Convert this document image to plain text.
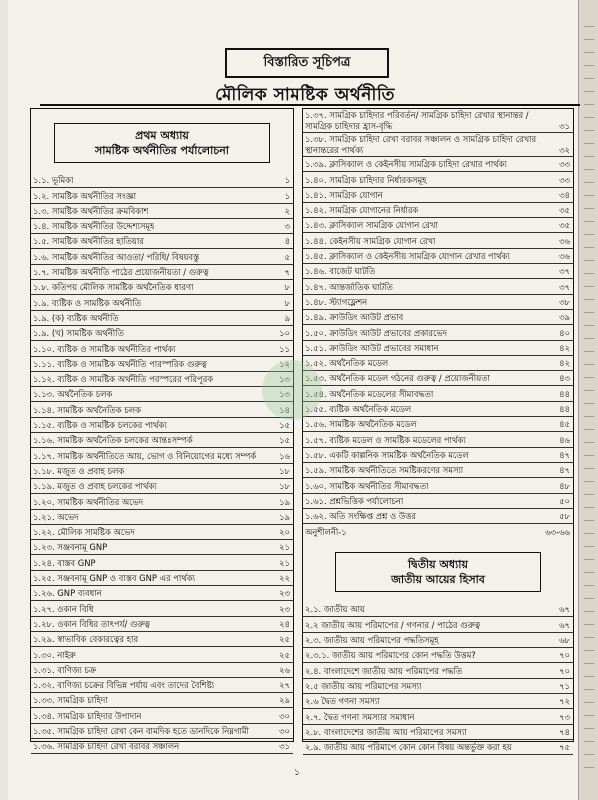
বিস্তারিত সূচিপত্র
মৌলিক সামষ্টিক অর্থনীতি
প্রথম অধ্যায়
সামষ্টিক অর্থনীতির পর্যালোচনা
১.১. ভূমিকা	১
১.২. সামষ্টিক অর্থনীতির সংজ্ঞা	১
১.৩. সামষ্টিক অর্থনীতির ক্রমবিকাশ	২
১.৪. সামষ্টিক অর্থনীতির উদ্দেশ্যসমূহ	৩
১.৫. সামষ্টিক অর্থনীতির হাতিয়ার	৪
১.৬. সামষ্টিক অর্থনীতির আওতা/ পরিধি/ বিষয়বস্তু	৫
১.৭. সামষ্টিক অর্থনীতি পাঠের প্রয়োজনীয়তা / গুরুত্ব	৭
১.৮. কতিপয় মৌলিক সামষ্টিক অর্থনৈতিক ধারণা	৮
১.৯. ব্যষ্টিক ও সামষ্টিক অর্থনীতি	৮
১.৯. (ক) ব্যষ্টিক অর্থনীতি	৯
১.৯. (খ) সামষ্টিক অর্থনীতি	১০
১.১০. ব্যষ্টিক ও সামষ্টিক অর্থনীতির পার্থক্য	১১
১.১১. ব্যষ্টিক ও সামষ্টিক অর্থনীতি পারস্পরিক গুরুত্ব	১২
১.১২. ব্যষ্টিক ও সামষ্টিক অর্থনীতি পরস্পরের পরিপূরক	১৩
১.১৩. অর্থনৈতিক চলক	১৩
১.১৪. সামষ্টিক অর্থনৈতিক চলক	১৪
১.১৫. ব্যষ্টিক ও সামষ্টিক চলকের পার্থক্য	১৫
১.১৬. সামষ্টিক অর্থনৈতিক চলকের আন্তঃসম্পর্ক	১৫
১.১৭. সামষ্টিক অর্থনীতিতে আয়, ভোগ ও বিনিয়োগের মধ্যে সম্পর্ক	১৬
১.১৮. মজুত ও প্রবাহ চলক	১৮
১.১৯. মজুত ও প্রবাহ চলকের পার্থক্য	১৮
১.২০. সামষ্টিক অর্থনীতির অভেদ	১৯
১.২১. অভেদ	১৯
১.২২. মৌলিক সামষ্টিক অভেদ	২০
১.২৩. সঞ্জবনামূ GNP	২১
১.২৪. বাস্তব GNP	২১
১.২৫. সঞ্জবনামূ GNP ও বাস্তব GNP এর পার্থক্য	২২
১.২৬. GNP ব্যবধান	২৩
১.২৭. ওকান বিধি	২৩
১.২৮. ওকান বিধির তাৎপর্য/ গুরুত্ব	২৪
১.২৯. স্বাভাবিক বেকারত্বের হার	২৫
১.৩০. নাইরু	২৫
১.৩১. বাণিজ্য চক্র	২৬
১.৩২. বাণিজ্য চক্রের বিভিন্ন পর্যায় এবং তাদের বৈশিষ্ট্য	২৭
১.৩৩. সামগ্রিক চাহিদা	২৯
১.৩৪. সামগ্রিক চাহিদার উপাদান	৩০
১.৩৫. সামগ্রিক চাহিদা রেখা কেন বামদিক হতে ডানদিকে নিম্নগামী	৩০
১.৩৬. সামগ্রিক চাহিদা রেখা বরাবর সঞ্চালন	৩১
১.৩৭. সামগ্রিক চাহিদার পরিবর্তন/ সামগ্রিক চাহিদা রেখার স্থানান্তর / সামগ্রিক চাহিদার হ্রাস-বৃদ্ধি	৩১
১.৩৮. সামগ্রিক চাহিদা রেখা বরাবর সঞ্চালন ও সামগ্রিক চাহিদা রেখার স্থানান্তরের পার্থক্য	৩২
১.৩৯. ক্লাসিক্যাল ও কেইনসীয় সামগ্রিক চাহিদা রেখার পার্থক্য	৩৩
১.৪০. সামগ্রিক চাহিদার নির্ধারকসমূহ	৩৩
১.৪১. সামগ্রিক যোগান	৩৪
১.৪২. সামগ্রিক যোগানের নির্ধারক	৩৫
১.৪৩. ক্লাসিক্যাল সামগ্রিক যোগান রেখা	৩৫
১.৪৪. কেইনসীয় সামগ্রিক যোগান রেখা	৩৬
১.৪৫. ক্লাসিক্যাল ও কেইনসীয় সামগ্রিক যোগান রেখার পার্থক্য	৩৬
১.৪৬. বাজেট ঘাটতি	৩৭
১.৪৭. আন্তর্জাতিক ঘাটতি	৩৭
১.৪৮. স্ট্যাগফ্লেশন	৩৮
১.৪৯. ক্রাউডিং আউট প্রভাব	৩৯
১.৫০. ক্রাউডিং আউট প্রভাবের প্রকারভেদ	৪০
১.৫১. ক্রাউডিং আউট প্রভাবের সমাধান	৪২
১.৫২. অর্থনৈতিক মডেল	৪২
১.৫৩. অর্থনৈতিক মডেল গঠনের গুরুত্ব / প্রয়োজনীয়তা	৪৩
১.৫৪. অর্থনৈতিক মডেলের সীমাবদ্ধতা	৪৪
১.৫৫. ব্যষ্টিক অর্থনৈতিক মডেল	৪৪
১.৫৬. সামষ্টিক অর্থনৈতিক মডেল	৪৫
১.৫৭. ব্যষ্টিক মডেল ও সামষ্টিক মডেলের পার্থক্য	৪৬
১.৫৮. একটি কাল্পনিক সামষ্টিক অর্থনৈতিক মডেল	৪৭
১.৫৯. সামষ্টিক অর্থনীতিতে সমষ্টিকরণের সমস্যা	৪৭
১.৬০. সামষ্টিক অর্থনীতির সীমাবদ্ধতা	৪৮
১.৬১. প্রশ্নভিত্তিক পর্যালোচনা	৫০
১.৬২. অতি সংক্ষিপ্ত প্রশ্ন ও উত্তর	৫৮
অনুশীলনী-১	৬৩-৬৬
দ্বিতীয় অধ্যায়
জাতীয় আয়ের হিসাব
২.১. জাতীয় আয়	৬৭
২.২ জাতীয় আয় পরিমাপের / গণনার / পাঠের গুরুত্ব	৬৭
২.৩. জাতীয় আয় পরিমাপের পদ্ধতিসমূহ	৬৮
২.৩.১. জাতীয় আয় পরিমাপের কোন পদ্ধতি উত্তম?	৭০
২.৪. বাংলাদেশে জাতীয় আয় পরিমাপের পদ্ধতি	৭০
২.৫ জাতীয় আয় পরিমাপের সমস্যা	৭১
২.৬ দ্বৈত গণনা সমস্যা	৭২
২.৭. দ্বৈত গণনা সমস্যার সমাধান	৭৩
২.৮. বাংলাদেশের জাতীয় আয় পরিমাপের সমস্যা	৭৪
২.৯. জাতীয় আয় পরিমাপে কোন কোন বিষয় অন্তর্ভুক্ত করা হয়	৭৫
১
